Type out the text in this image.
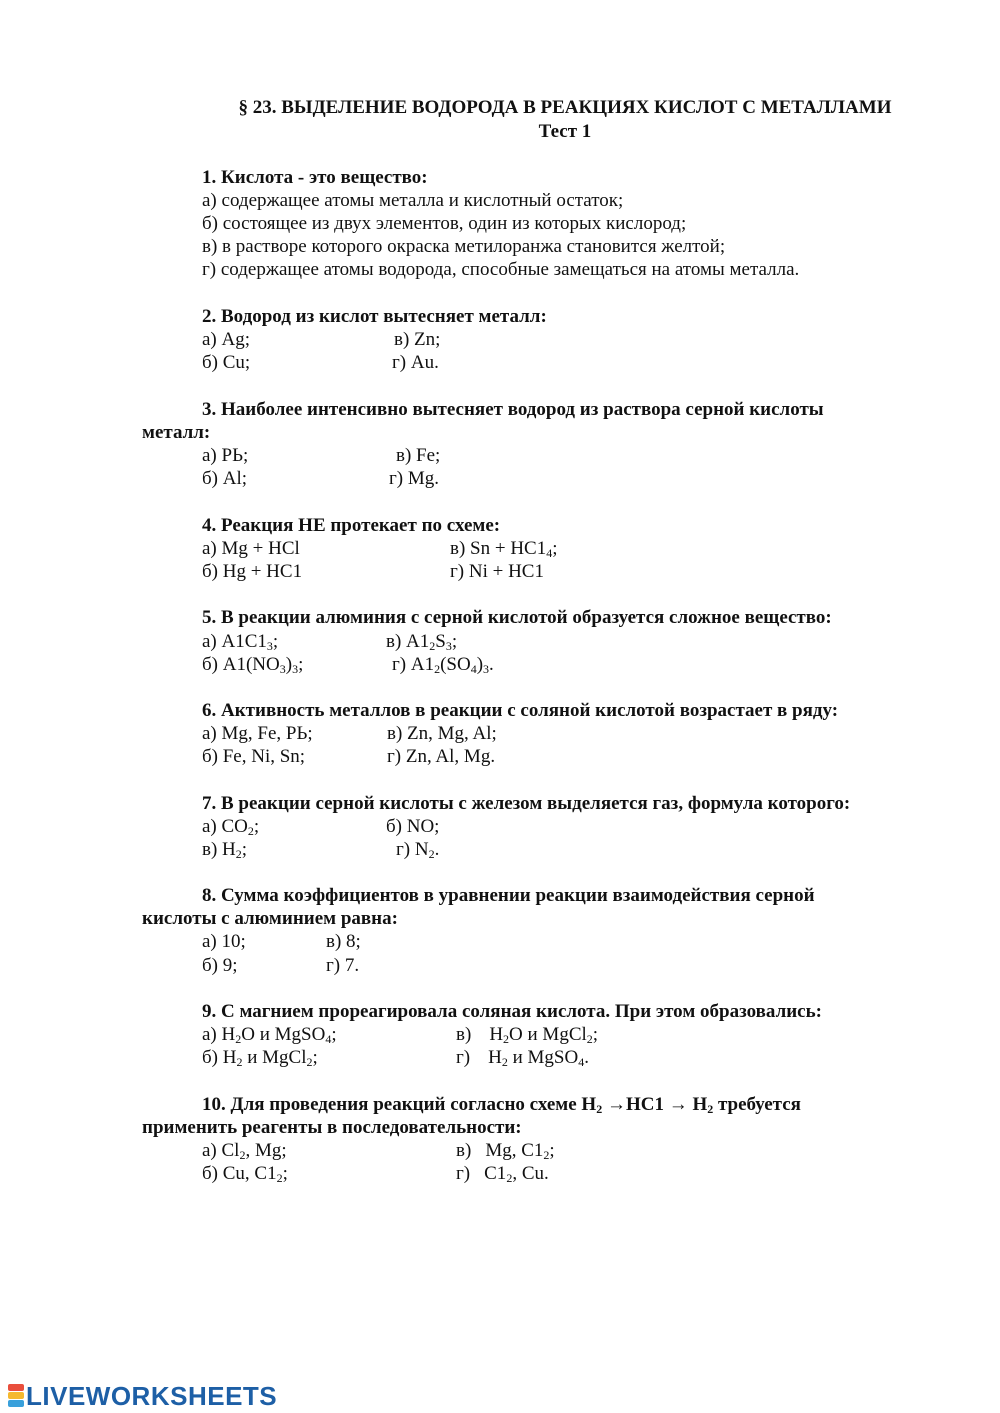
§ 23. ВЫДЕЛЕНИЕ ВОДОРОДА В РЕАКЦИЯХ КИСЛОТ С МЕТАЛЛАМИ
Тест 1
1. Кислота - это вещество:
а) содержащее атомы металла и кислотный остаток;
б) состоящее из двух элементов, один из которых кислород;
в) в растворе которого окраска метилоранжа становится желтой;
г) содержащее атомы водорода, способные замещаться на атомы металла.
2. Водород из кислот вытесняет металл:
а) Ag;	в) Zn;
б) Cu;	г) Au.
3. Наиболее интенсивно вытесняет водород из раствора серной кислоты
металл:
а) РЬ;	в) Fe;
б) Al;	г) Mg.
4. Реакция НЕ протекает по схеме:
а) Mg + HCl	в) $Sn + HC1_4$;
б) Hg + HC1	г) Ni + HC1
5. В реакции алюминия с серной кислотой образуется сложное вещество:
а) $A1C1_3$;	в) $A1_2S_3$;
б) $A1(NO_3)_3$;	г) $A1_2(SO_4)_3$.
6. Активность металлов в реакции с соляной кислотой возрастает в ряду:
а) Mg, Fe, РЬ;	в) Zn, Mg, Al;
б) Fe, Ni, Sn;	г) Zn, Al, Mg.
7. В реакции серной кислоты с железом выделяется газ, формула которого:
а) $CO_2$;	б) NO;
в) $H_2$;	г) $N_2$.
8. Сумма коэффициентов в уравнении реакции взаимодействия серной
кислоты с алюминием равна:
а) 10;	в) 8;
б) 9;	г) 7.
9. С магнием прореагировала соляная кислота. При этом образовались:
а) $H_2O$ и MgSO$_4$;	в) $H_2O$ и MgCl$_2$;
б) $H_2$ и MgCl$_2$;	г) $H_2$ и MgSO$_4$.
10. Для проведения реакций согласно схеме $H_2 \to HC1 \to H_2$ требуется
применить реагенты в последовательности:
а) $Cl_2$, Mg;	в) Mg, $C1_2$;
б) Cu, $C1_2$;	г) $C1_2$, Cu.
LIVEWORKSHEETS
